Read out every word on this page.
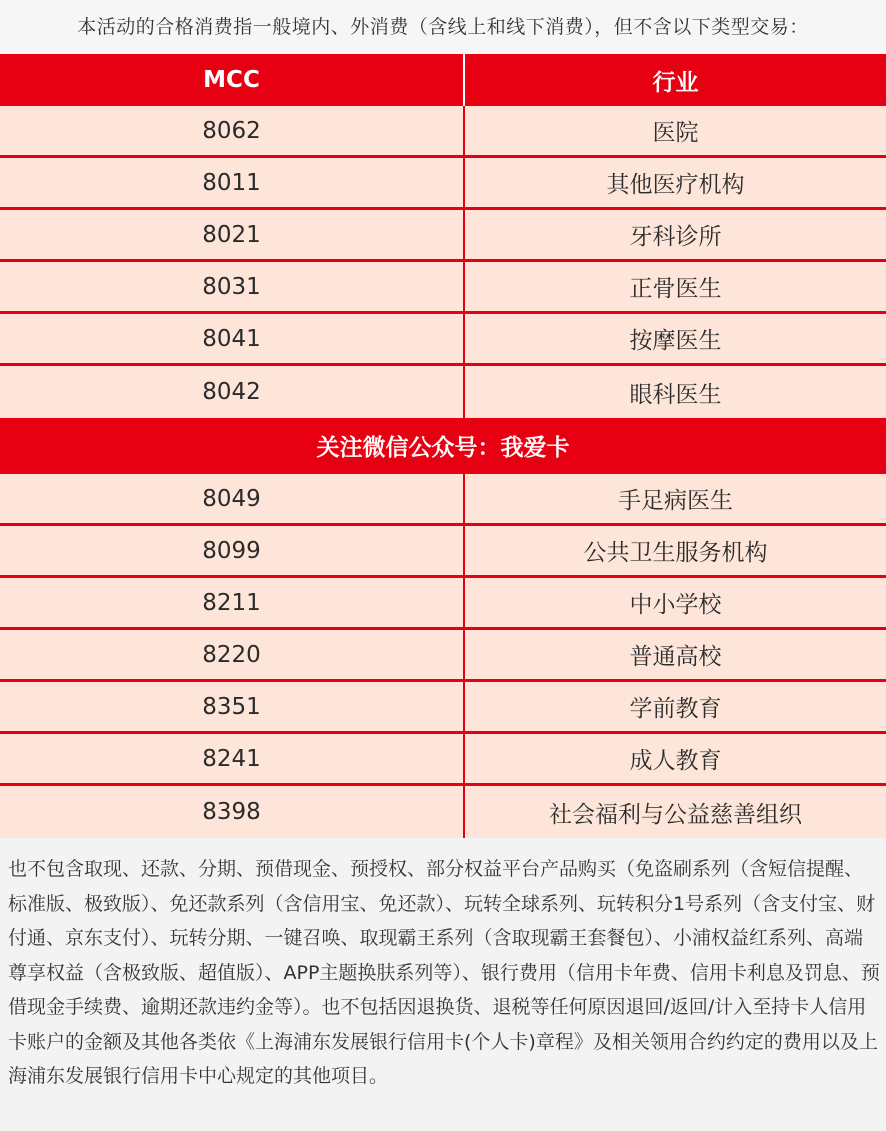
本活动的合格消费指一般境内、外消费（含线上和线下消费），但不含以下类型交易：
MCC	行业
8062	医院
8011	其他医疗机构
8021	牙科诊所
8031	正骨医生
8041	按摩医生
8042	眼科医生
关注微信公众号：我爱卡
8049	手足病医生
8099	公共卫生服务机构
8211	中小学校
8220	普通高校
8351	学前教育
8241	成人教育
8398	社会福利与公益慈善组织
也不包含取现、还款、分期、预借现金、预授权、部分权益平台产品购买（免盗刷系列（含短信提醒、标准版、极致版）、免还款系列（含信用宝、免还款）、玩转全球系列、玩转积分1号系列（含支付宝、财付通、京东支付）、玩转分期、一键召唤、取现霸王系列（含取现霸王套餐包）、小浦权益红系列、高端尊享权益（含极致版、超值版）、APP主题换肤系列等）、银行费用（信用卡年费、信用卡利息及罚息、预借现金手续费、逾期还款违约金等）。也不包括因退换货、退税等任何原因退回/返回/计入至持卡人信用卡账户的金额及其他各类依《上海浦东发展银行信用卡(个人卡)章程》及相关领用合约约定的费用以及上海浦东发展银行信用卡中心规定的其他项目。
